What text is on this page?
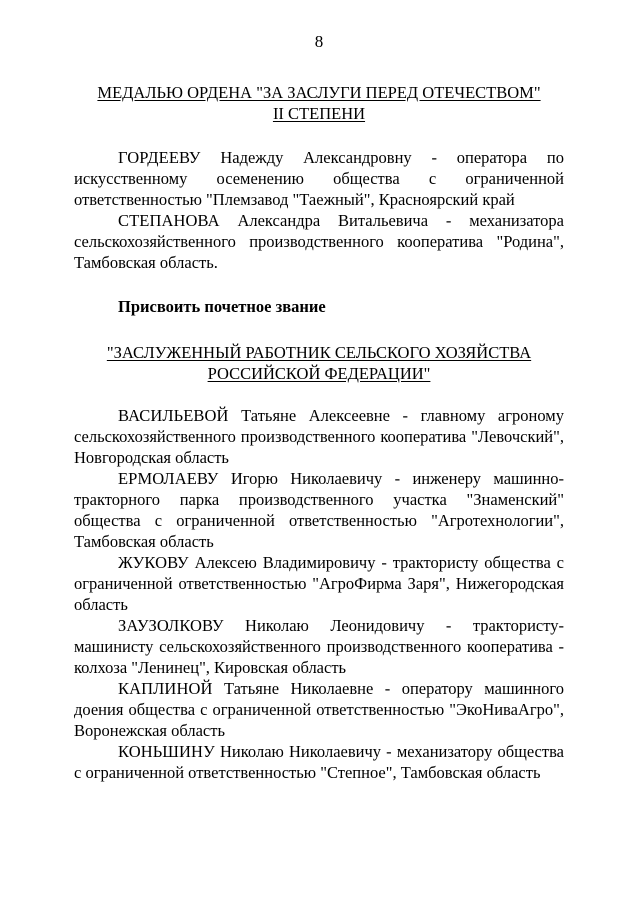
8
МЕДАЛЬЮ ОРДЕНА "ЗА ЗАСЛУГИ ПЕРЕД ОТЕЧЕСТВОМ"
II СТЕПЕНИ

ГОРДЕЕВУ Надежду Александровну - оператора по искусственному осеменению общества с ограниченной ответственностью "Племзавод "Таежный", Красноярский край

СТЕПАНОВА Александра Витальевича - механизатора сельскохозяйственного производственного кооператива "Родина", Тамбовская область.

Присвоить почетное звание

"ЗАСЛУЖЕННЫЙ РАБОТНИК СЕЛЬСКОГО ХОЗЯЙСТВА
РОССИЙСКОЙ ФЕДЕРАЦИИ"

ВАСИЛЬЕВОЙ Татьяне Алексеевне - главному агроному сельскохозяйственного производственного кооператива "Левочский", Новгородская область

ЕРМОЛАЕВУ Игорю Николаевичу - инженеру машинно-тракторного парка производственного участка "Знаменский" общества с ограниченной ответственностью "Агротехнологии", Тамбовская область

ЖУКОВУ Алексею Владимировичу - трактористу общества с ограниченной ответственностью "АгроФирма Заря", Нижегородская область

ЗАУЗОЛКОВУ Николаю Леонидовичу - трактористу-машинисту сельскохозяйственного производственного кооператива - колхоза "Ленинец", Кировская область

КАПЛИНОЙ Татьяне Николаевне - оператору машинного доения общества с ограниченной ответственностью "ЭкоНиваАгро", Воронежская область

КОНЬШИНУ Николаю Николаевичу - механизатору общества с ограниченной ответственностью "Степное", Тамбовская область
